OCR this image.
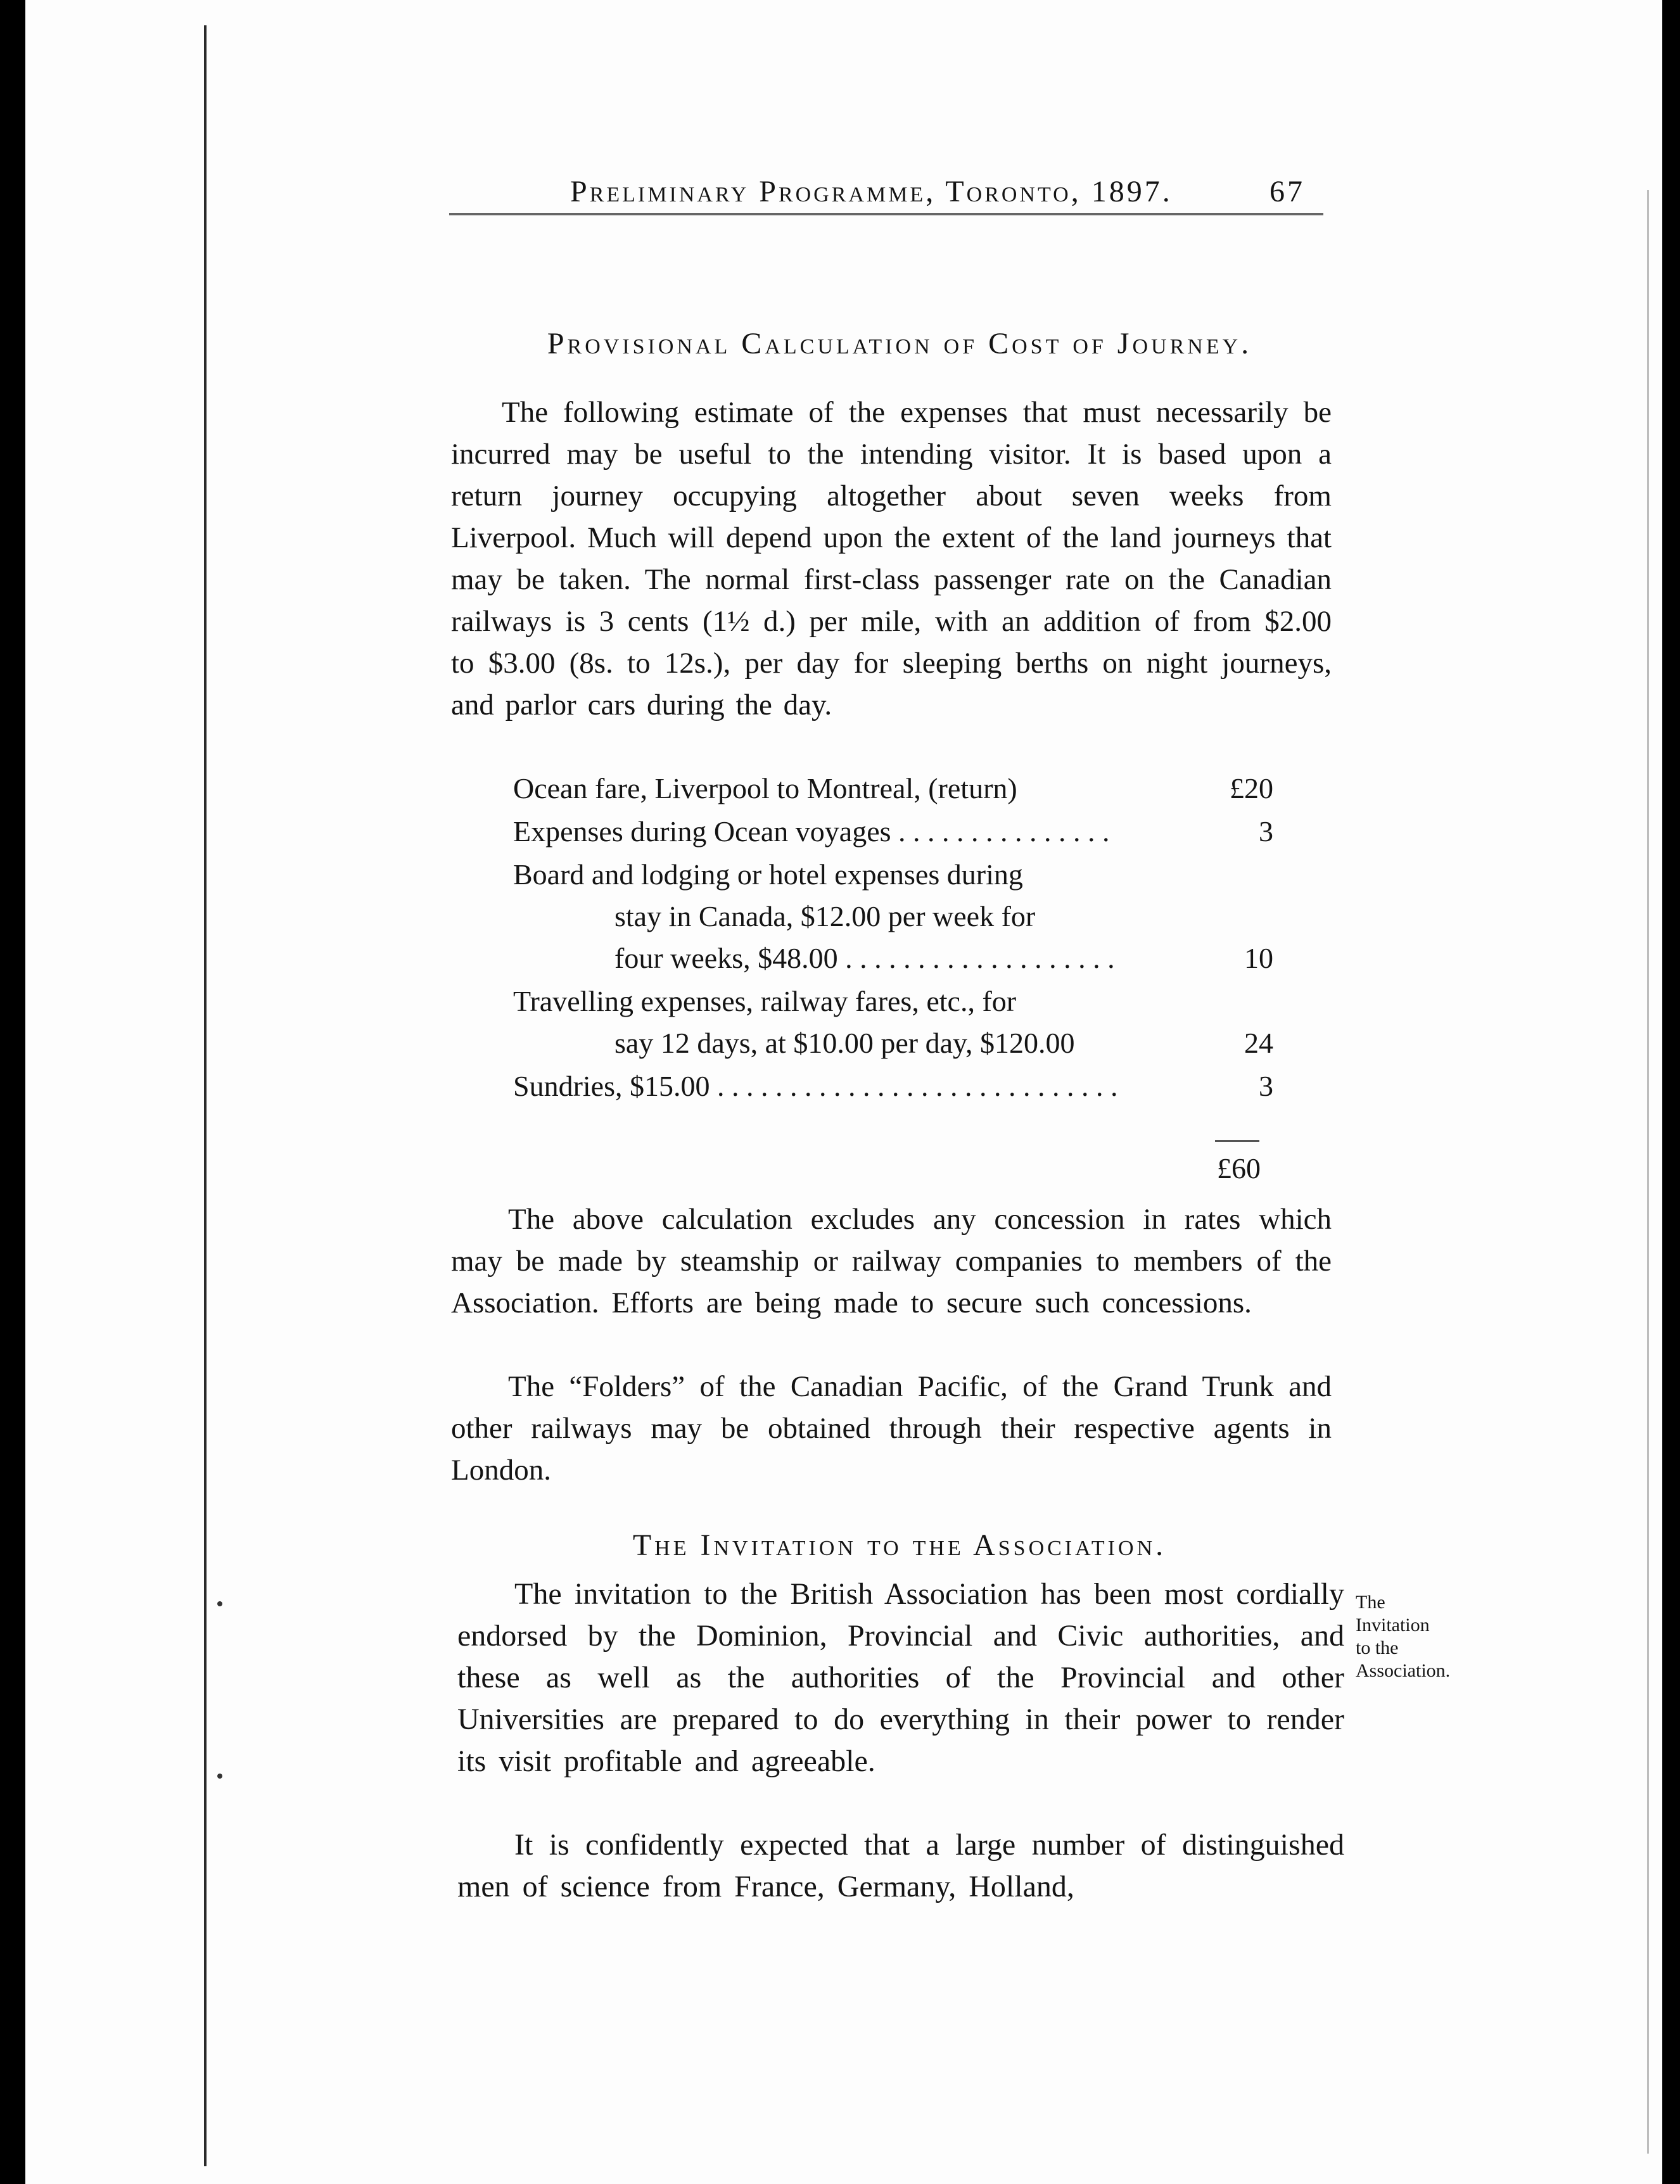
Preliminary Programme, Toronto, 1897.	67
Provisional Calculation of Cost of Journey.

The following estimate of the expenses that must necessarily be incurred may be useful to the intending visitor. It is based upon a return journey occupying altogether about seven weeks from Liverpool. Much will depend upon the extent of the land journeys that may be taken. The normal first-class passenger rate on the Canadian railways is 3 cents (1½ d.) per mile, with an addition of from $2.00 to $3.00 (8s. to 12s.), per day for sleeping berths on night journeys, and parlor cars during the day.

Ocean fare, Liverpool to Montreal, (return)	£20
Expenses during Ocean voyages . . . . . . . . . . . . . . .	3
Board and lodging or hotel expenses during
stay in Canada, $12.00 per week for
four weeks, $48.00 . . . . . . . . . . . . . . . . . . .	10
Travelling expenses, railway fares, etc., for
say 12 days, at $10.00 per day, $120.00	24
Sundries, $15.00 . . . . . . . . . . . . . . . . . . . . . . . . . . . .	3
£60

The above calculation excludes any concession in rates which may be made by steamship or railway companies to members of the Association. Efforts are being made to secure such concessions.

The “Folders” of the Canadian Pacific, of the Grand Trunk and other railways may be obtained through their respective agents in London.

The Invitation to the Association.

The invitation to the British Association has been most cordially endorsed by the Dominion, Provincial and Civic authorities, and these as well as the authorities of the Provincial and other Universities are prepared to do everything in their power to render its visit profitable and agreeable.

The Invitation to the Association.

It is confidently expected that a large number of distinguished men of science from France, Germany, Holland,
